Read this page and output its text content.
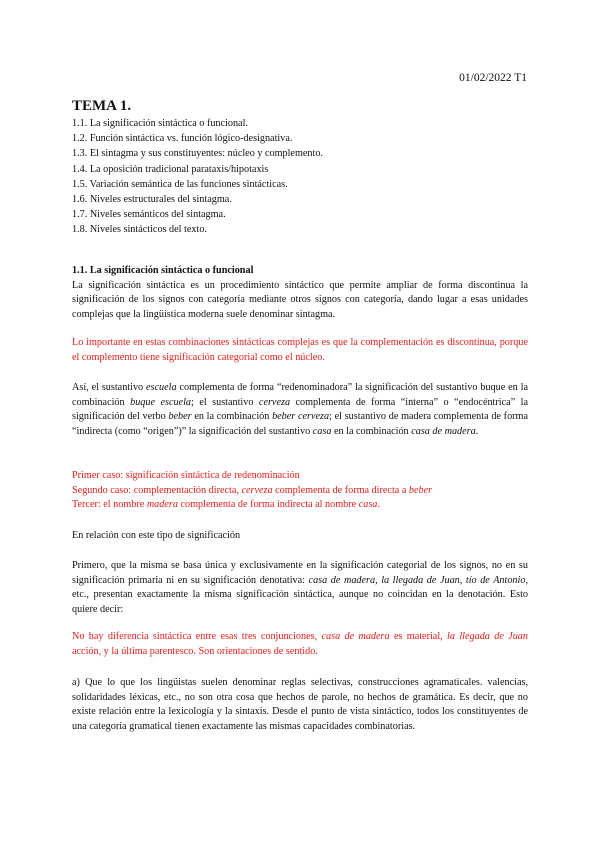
01/02/2022 T1
TEMA 1.
1.1. La significación sintáctica o funcional.
1.2. Función sintáctica vs. función lógico-designativa.
1.3. El sintagma y sus constituyentes: núcleo y complemento.
1.4. La oposición tradicional parataxis/hipotaxis
1.5. Variación semántica de las funciones sintácticas.
1.6. Niveles estructurales del sintagma.
1.7. Niveles semánticos del sintagma.
1.8. Niveles sintácticos del texto.
1.1. La significación sintáctica o funcional
La significación sintáctica es un procedimiento sintáctico que permite ampliar de forma discontinua la significación de los signos con categoría mediante otros signos con categoría, dando lugar a esas unidades complejas que la lingüística moderna suele denominar sintagma.
Lo importante en estas combinaciones sintácticas complejas es que la complementación es discontinua, porque el complemento tiene significación categorial como el núcleo.
Así, el sustantivo escuela complementa de forma “redenominadora” la significación del sustantivo buque en la combinación buque escuela; el sustantivo cerveza complementa de forma “interna” o “endocéntrica” la significación del verbo beber en la combinación beber cerveza; el sustantivo de madera complementa de forma “indirecta (como “origen”)” la significación del sustantivo casa en la combinación casa de madera.
Primer caso: significación sintáctica de redenominación
Segundo caso: complementación directa, cerveza complementa de forma directa a beber
Tercer: el nombre madera complementa de forma indirecta al nombre casa.
En relación con este tipo de significación
Primero, que la misma se basa única y exclusivamente en la significación categorial de los signos, no en su significación primaria ni en su significación denotativa: casa de madera, la llegada de Juan, tío de Antonio, etc., presentan exactamente la misma significación sintáctica, aunque no coincidan en la denotación. Esto quiere decir:
No hay diferencia sintáctica entre esas tres conjunciones, casa de madera es material, la llegada de Juan acción, y la última parentesco. Son orientaciones de sentido.
a) Que lo que los lingüistas suelen denominar reglas selectivas, construcciones agramaticales. valencias, solidaridades léxicas, etc., no son otra cosa que hechos de parole, no hechos de gramática. Es decir, que no existe relación entre la lexicología y la sintaxis. Desde el punto de vista sintáctico, todos los constituyentes de una categoría gramatical tienen exactamente las mismas capacidades combinatorias.
